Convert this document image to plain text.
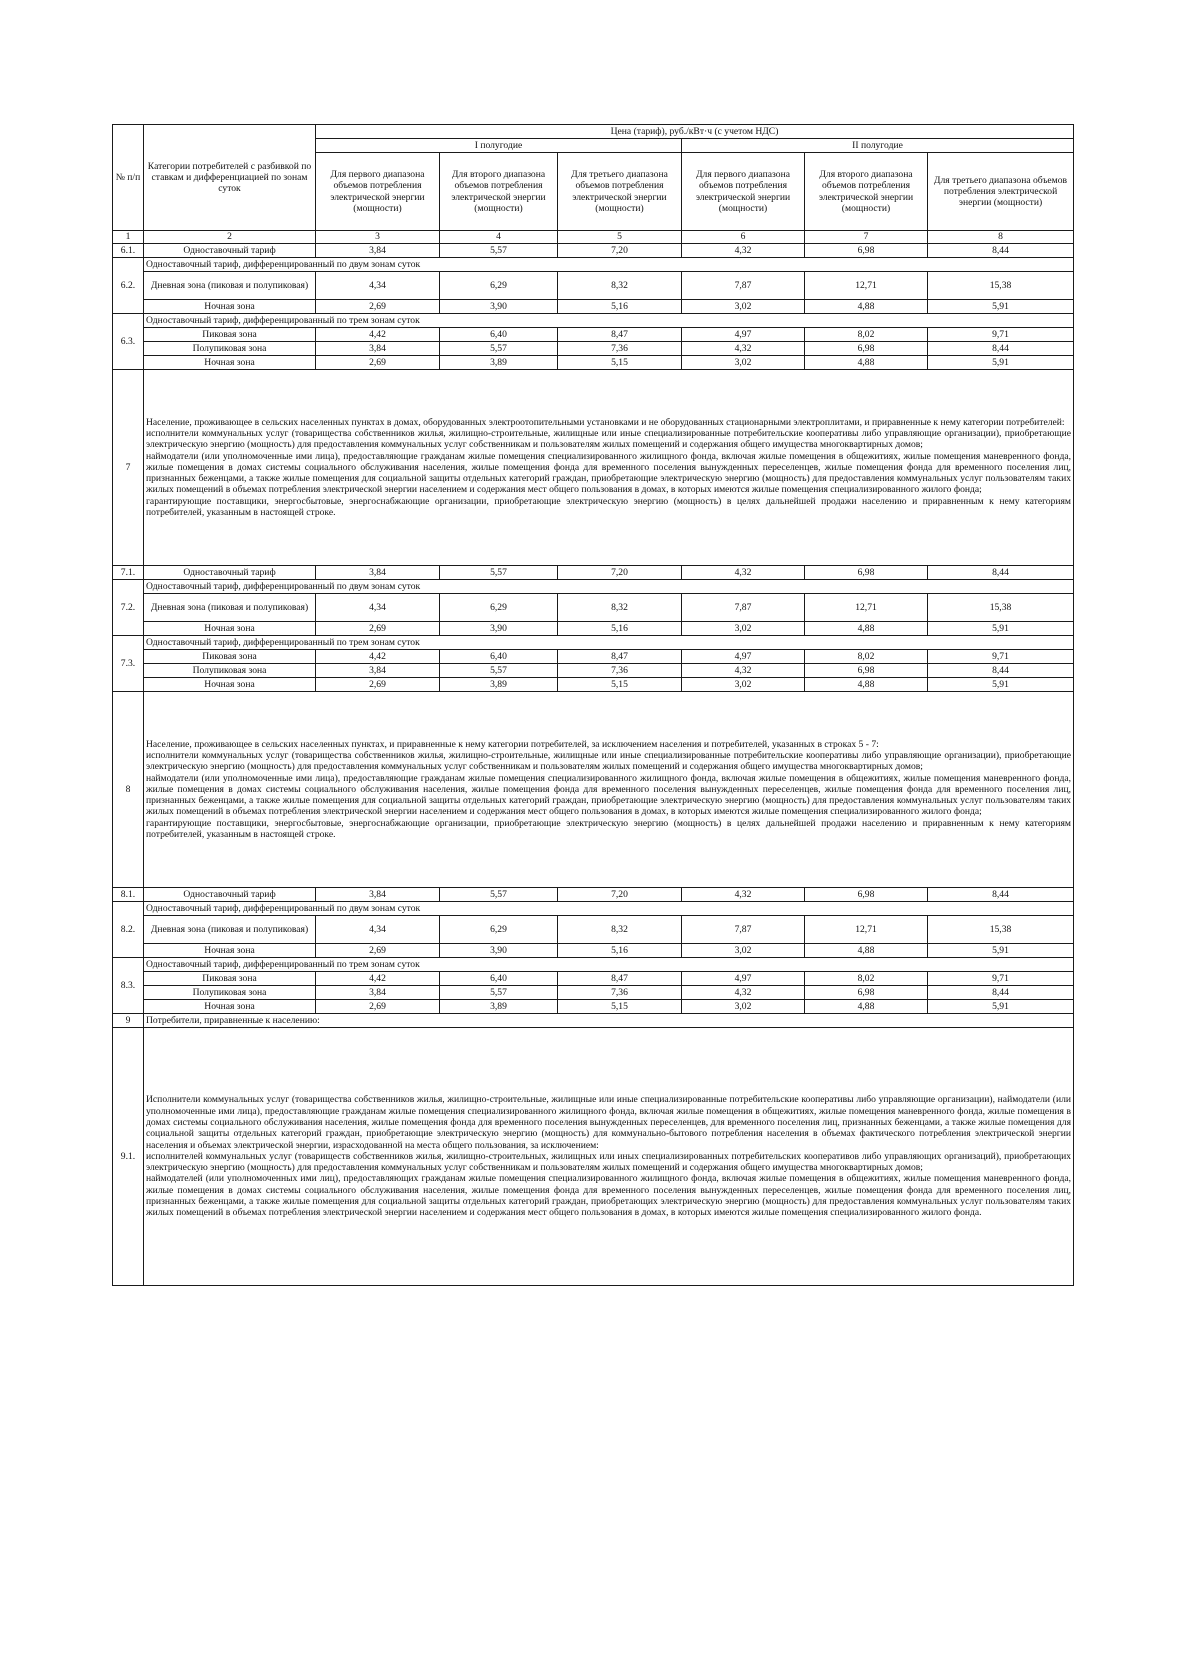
№ п/п	Категории потребителей с разбивкой по ставкам и дифференциацией по зонам суток	Цена (тариф), руб./кВт·ч (с учетом НДС)					
		I полугодие			II полугодие		
		Для первого диапазона объемов потребления электрической энергии (мощности)	Для второго диапазона объемов потребления электрической энергии (мощности)	Для третьего диапазона объемов потребления электрической энергии (мощности)	Для первого диапазона объемов потребления электрической энергии (мощности)	Для второго диапазона объемов потребления электрической энергии (мощности)	Для третьего диапазона объемов потребления электрической энергии (мощности)
1	2	3	4	5	6	7	8
6.1.	Одноставочный тариф	3,84	5,57	7,20	4,32	6,98	8,44
6.2.	Одноставочный тариф, дифференцированный по двум зонам суток						
	Дневная зона (пиковая и полупиковая)	4,34	6,29	8,32	7,87	12,71	15,38
	Ночная зона	2,69	3,90	5,16	3,02	4,88	5,91
6.3.	Одноставочный тариф, дифференцированный по трем зонам суток						
	Пиковая зона	4,42	6,40	8,47	4,97	8,02	9,71
	Полупиковая зона	3,84	5,57	7,36	4,32	6,98	8,44
	Ночная зона	2,69	3,89	5,15	3,02	4,88	5,91
7	Население, проживающее в сельских населенных пунктах в домах, оборудованных электроотопительными установками и не оборудованных стационарными электроплитами, и приравненные к нему категории потребителей:
исполнители коммунальных услуг (товарищества собственников жилья, жилищно-строительные, жилищные или иные специализированные потребительские кооперативы либо управляющие организации), приобретающие электрическую энергию (мощность) для предоставления коммунальных услуг собственникам и пользователям жилых помещений и содержания общего имущества многоквартирных домов;
наймодатели (или уполномоченные ими лица), предоставляющие гражданам жилые помещения специализированного жилищного фонда, включая жилые помещения в общежитиях, жилые помещения маневренного фонда, жилые помещения в домах системы социального обслуживания населения, жилые помещения фонда для временного поселения вынужденных переселенцев, жилые помещения фонда для временного поселения лиц, признанных беженцами, а также жилые помещения для социальной защиты отдельных категорий граждан, приобретающие электрическую энергию (мощность) для предоставления коммунальных услуг пользователям таких жилых помещений в объемах потребления электрической энергии населением и содержания мест общего пользования в домах, в которых имеются жилые помещения специализированного жилого фонда;
гарантирующие поставщики, энергосбытовые, энергоснабжающие организации, приобретающие электрическую энергию (мощность) в целях дальнейшей продажи населению и приравненным к нему категориям потребителей, указанным в настоящей строке.						

7.1.	Одноставочный тариф	3,84	5,57	7,20	4,32	6,98	8,44
7.2.	Одноставочный тариф, дифференцированный по двум зонам суток						
	Дневная зона (пиковая и полупиковая)	4,34	6,29	8,32	7,87	12,71	15,38
	Ночная зона	2,69	3,90	5,16	3,02	4,88	5,91
7.3.	Одноставочный тариф, дифференцированный по трем зонам суток						
	Пиковая зона	4,42	6,40	8,47	4,97	8,02	9,71
	Полупиковая зона	3,84	5,57	7,36	4,32	6,98	8,44
	Ночная зона	2,69	3,89	5,15	3,02	4,88	5,91
8	Население, проживающее в сельских населенных пунктах, и приравненные к нему категории потребителей, за исключением населения и потребителей, указанных в строках 5 - 7:
исполнители коммунальных услуг (товарищества собственников жилья, жилищно-строительные, жилищные или иные специализированные потребительские кооперативы либо управляющие организации), приобретающие электрическую энергию (мощность) для предоставления коммунальных услуг собственникам и пользователям жилых помещений и содержания общего имущества многоквартирных домов;
наймодатели (или уполномоченные ими лица), предоставляющие гражданам жилые помещения специализированного жилищного фонда, включая жилые помещения в общежитиях, жилые помещения маневренного фонда, жилые помещения в домах системы социального обслуживания населения, жилые помещения фонда для временного поселения вынужденных переселенцев, жилые помещения фонда для временного поселения лиц, признанных беженцами, а также жилые помещения для социальной защиты отдельных категорий граждан, приобретающие электрическую энергию (мощность) для предоставления коммунальных услуг пользователям таких жилых помещений в объемах потребления электрической энергии населением и содержания мест общего пользования в домах, в которых имеются жилые помещения специализированного жилого фонда;
гарантирующие поставщики, энергосбытовые, энергоснабжающие организации, приобретающие электрическую энергию (мощность) в целях дальнейшей продажи населению и приравненным к нему категориям потребителей, указанным в настоящей строке.						

8.1.	Одноставочный тариф	3,84	5,57	7,20	4,32	6,98	8,44
8.2.	Одноставочный тариф, дифференцированный по двум зонам суток						
	Дневная зона (пиковая и полупиковая)	4,34	6,29	8,32	7,87	12,71	15,38
	Ночная зона	2,69	3,90	5,16	3,02	4,88	5,91
8.3.	Одноставочный тариф, дифференцированный по трем зонам суток						
	Пиковая зона	4,42	6,40	8,47	4,97	8,02	9,71
	Полупиковая зона	3,84	5,57	7,36	4,32	6,98	8,44
	Ночная зона	2,69	3,89	5,15	3,02	4,88	5,91
9	Потребители, приравненные к населению:						
9.1.	Исполнители коммунальных услуг (товарищества собственников жилья, жилищно-строительные, жилищные или иные специализированные потребительские кооперативы либо управляющие организации), наймодатели (или уполномоченные ими лица), предоставляющие гражданам жилые помещения специализированного жилищного фонда, включая жилые помещения в общежитиях, жилые помещения маневренного фонда, жилые помещения в домах системы социального обслуживания населения, жилые помещения фонда для временного поселения вынужденных переселенцев, для временного поселения лиц, признанных беженцами, а также жилые помещения для социальной защиты отдельных категорий граждан, приобретающие электрическую энергию (мощность) для коммунально-бытового потребления населения в объемах фактического потребления электрической энергии населения и объемах электрической энергии, израсходованной на места общего пользования, за исключением:
исполнителей коммунальных услуг (товариществ собственников жилья, жилищно-строительных, жилищных или иных специализированных потребительских кооперативов либо управляющих организаций), приобретающих электрическую энергию (мощность) для предоставления коммунальных услуг собственникам и пользователям жилых помещений и содержания общего имущества многоквартирных домов;
наймодателей (или уполномоченных ими лиц), предоставляющих гражданам жилые помещения специализированного жилищного фонда, включая жилые помещения в общежитиях, жилые помещения маневренного фонда, жилые помещения в домах системы социального обслуживания населения, жилые помещения фонда для временного поселения вынужденных переселенцев, жилые помещения фонда для временного поселения лиц, признанных беженцами, а также жилые помещения для социальной защиты отдельных категорий граждан, приобретающих электрическую энергию (мощность) для предоставления коммунальных услуг пользователям таких жилых помещений в объемах потребления электрической энергии населением и содержания мест общего пользования в домах, в которых имеются жилые помещения специализированного жилого фонда.						
